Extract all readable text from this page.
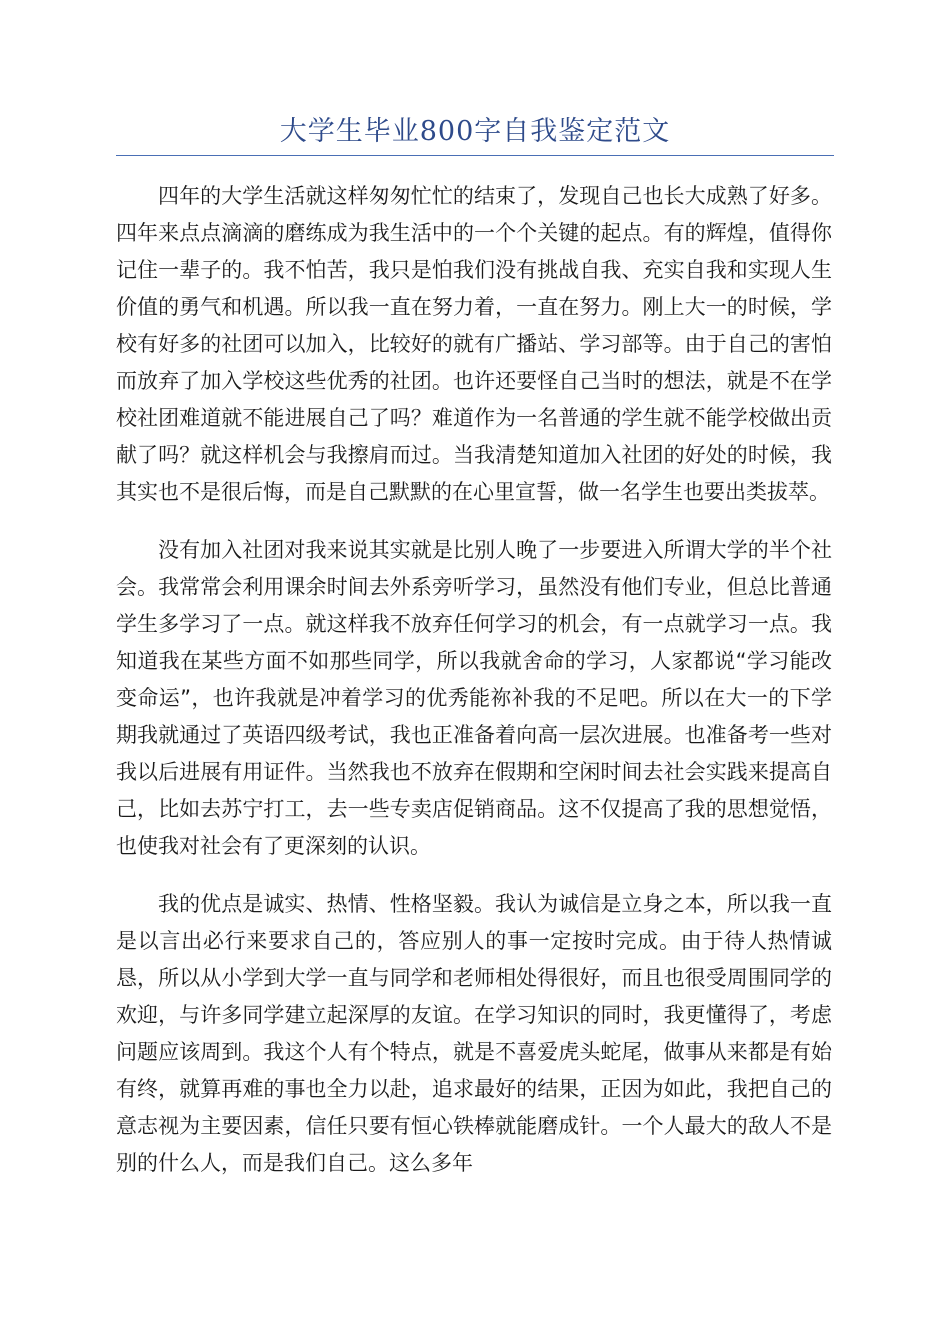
大学生毕业800字自我鉴定范文

四年的大学生活就这样匆匆忙忙的结束了，发现自己也长大成熟了好多。四年来点点滴滴的磨练成为我生活中的一个个关键的起点。有的辉煌，值得你记住一辈子的。我不怕苦，我只是怕我们没有挑战自我、充实自我和实现人生价值的勇气和机遇。所以我一直在努力着，一直在努力。刚上大一的时候，学校有好多的社团可以加入，比较好的就有广播站、学习部等。由于自己的害怕而放弃了加入学校这些优秀的社团。也许还要怪自己当时的想法，就是不在学校社团难道就不能进展自己了吗？难道作为一名普通的学生就不能学校做出贡献了吗？就这样机会与我擦肩而过。当我清楚知道加入社团的好处的时候，我其实也不是很后悔，而是自己默默的在心里宣誓，做一名学生也要出类拔萃。

没有加入社团对我来说其实就是比别人晚了一步要进入所谓大学的半个社会。我常常会利用课余时间去外系旁听学习，虽然没有他们专业，但总比普通学生多学习了一点。就这样我不放弃任何学习的机会，有一点就学习一点。我知道我在某些方面不如那些同学，所以我就舍命的学习，人家都说“学习能改变命运”，也许我就是冲着学习的优秀能祢补我的不足吧。所以在大一的下学期我就通过了英语四级考试，我也正准备着向高一层次进展。也准备考一些对我以后进展有用证件。当然我也不放弃在假期和空闲时间去社会实践来提高自己，比如去苏宁打工，去一些专卖店促销商品。这不仅提高了我的思想觉悟，也使我对社会有了更深刻的认识。

我的优点是诚实、热情、性格坚毅。我认为诚信是立身之本，所以我一直是以言出必行来要求自己的，答应别人的事一定按时完成。由于待人热情诚恳，所以从小学到大学一直与同学和老师相处得很好，而且也很受周围同学的欢迎，与许多同学建立起深厚的友谊。在学习知识的同时，我更懂得了，考虑问题应该周到。我这个人有个特点，就是不喜爱虎头蛇尾，做事从来都是有始有终，就算再难的事也全力以赴，追求最好的结果，正因为如此，我把自己的意志视为主要因素，信任只要有恒心铁棒就能磨成针。一个人最大的敌人不是别的什么人，而是我们自己。这么多年
